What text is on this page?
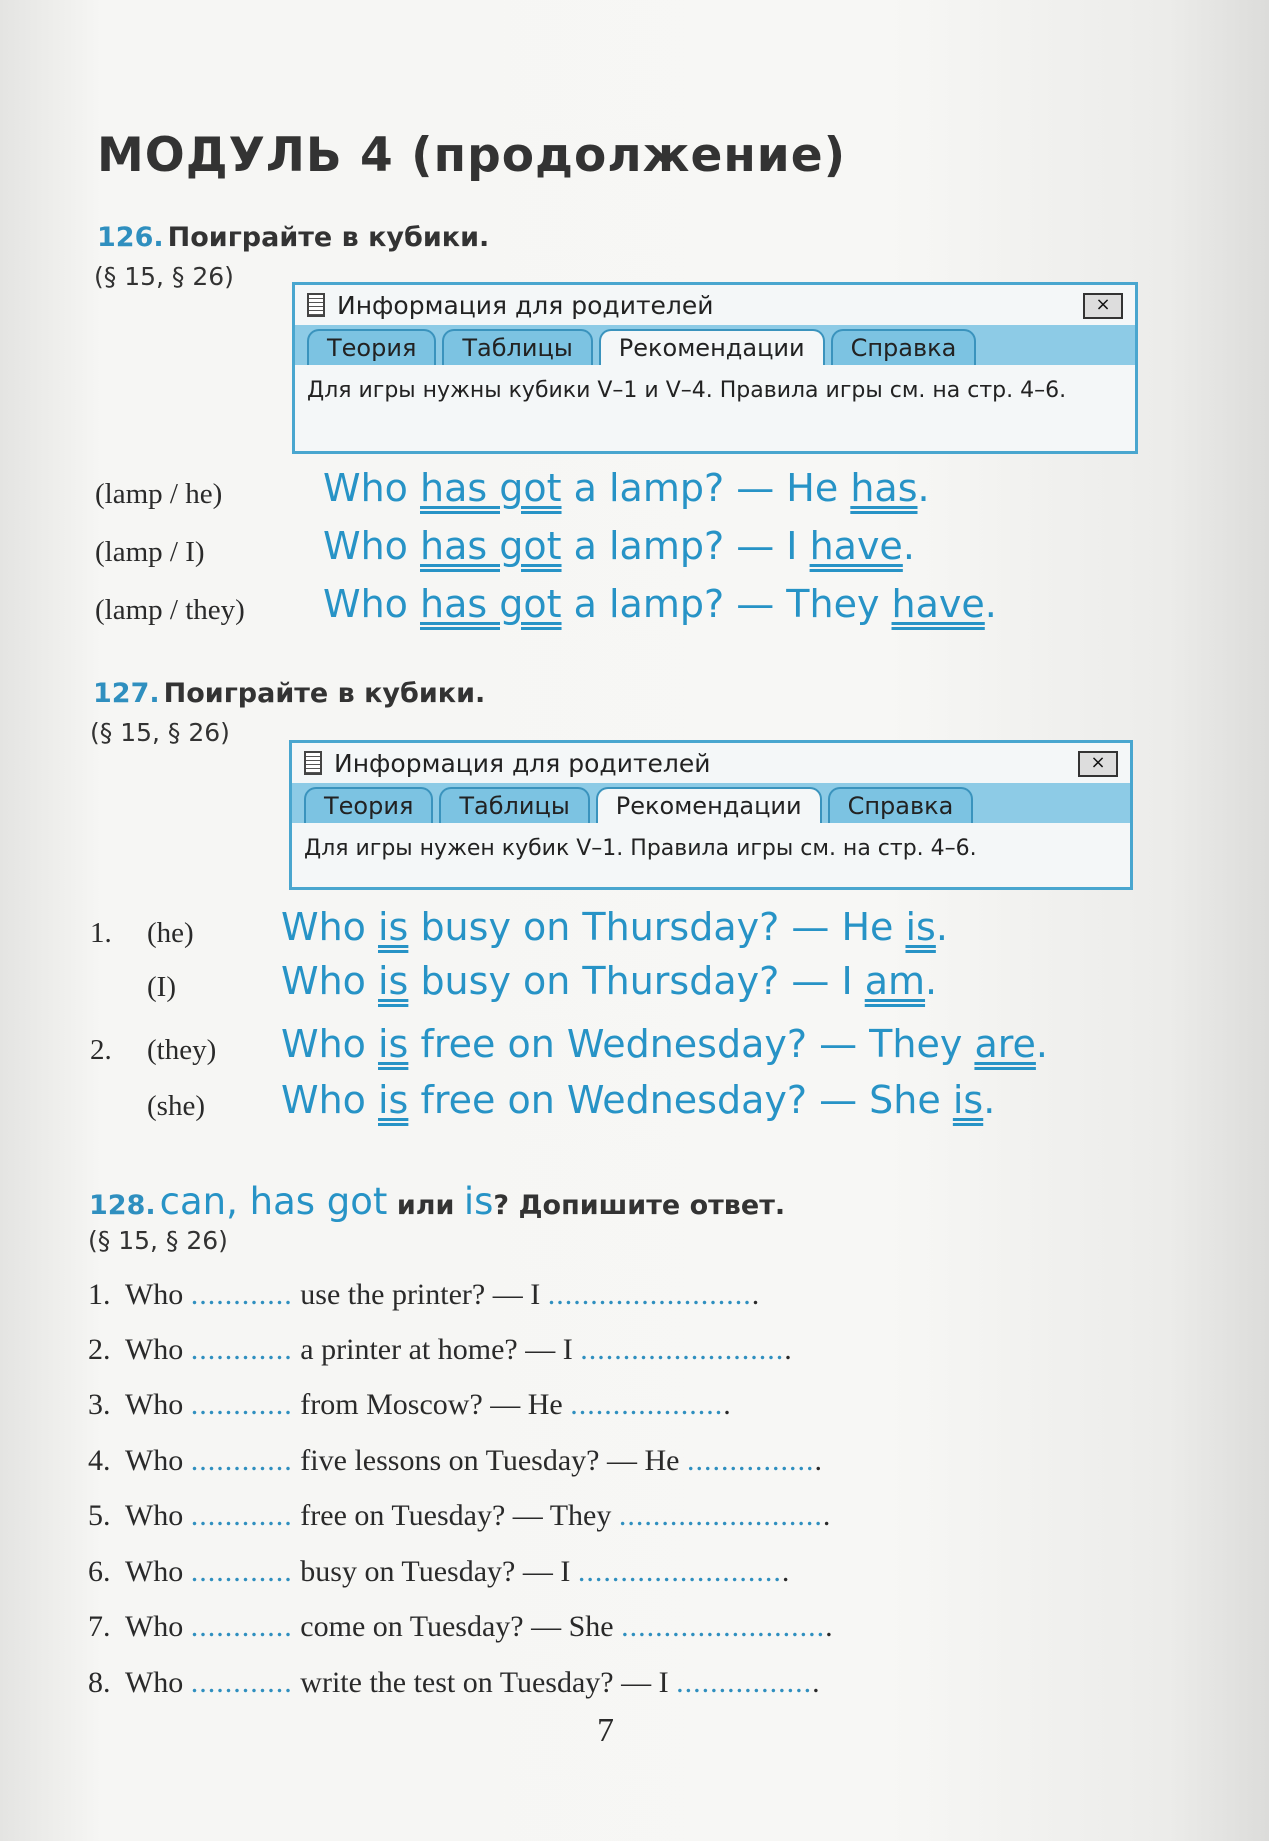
МОДУЛЬ 4 (продолжение)
126. Поиграйте в кубики.
(§ 15, § 26)
Информация для родителей	×
Теория	Таблицы	Рекомендации	Справка
Для игры нужны кубики V–1 и V–4. Правила игры см. на стр. 4–6.
(lamp / he)	Who has got a lamp? — He has.
(lamp / I)	Who has got a lamp? — I have.
(lamp / they) Who has got a lamp? — They have.
127. Поиграйте в кубики.
(§ 15, § 26)
Информация для родителей	×
Теория	Таблицы	Рекомендации	Справка
Для игры нужен кубик V–1. Правила игры см. на стр. 4–6.
1. (he) Who is busy on Thursday? — He is.
(I)	Who is busy on Thursday? — I am.
2. (they) Who is free on Wednesday? — They are.
(she) Who is free on Wednesday? — She is.
128. can, has got или is? Допишите ответ.
(§ 15, § 26)
1. Who ............ use the printer? — I .........................
2. Who ............ a printer at home? — I .........................
3. Who ............ from Moscow? — He ...................
4. Who ............ five lessons on Tuesday? — He ................
5. Who ............ free on Tuesday? — They .........................
6. Who ............ busy on Tuesday? — I .........................
7. Who ............ come on Tuesday? — She .........................
8. Who ............ write the test on Tuesday? — I .................
7
